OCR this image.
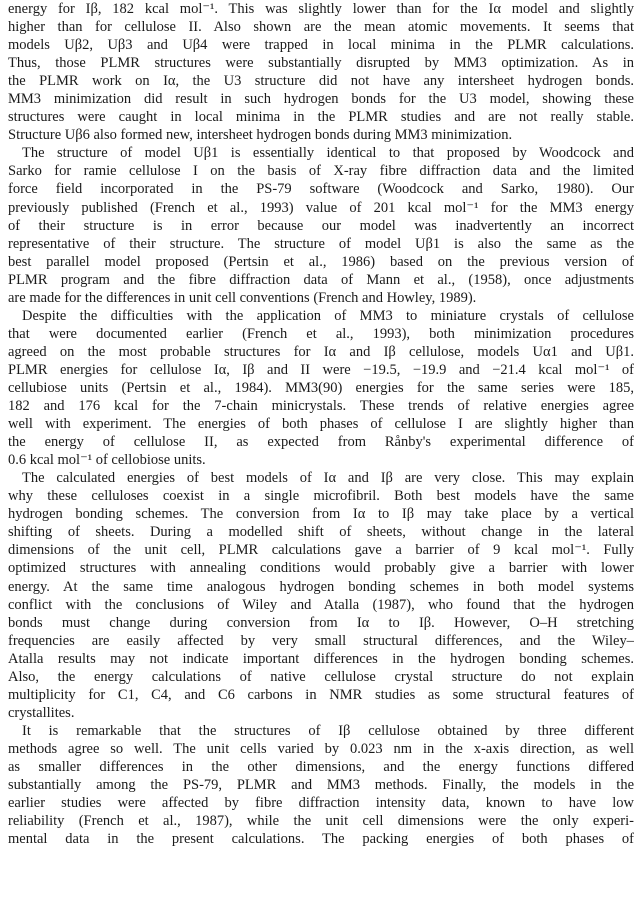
energy for Iβ, 182 kcal mol⁻¹. This was slightly lower than for the Iα model and slightly
higher than for cellulose II. Also shown are the mean atomic movements. It seems that
models Uβ2, Uβ3 and Uβ4 were trapped in local minima in the PLMR calculations.
Thus, those PLMR structures were substantially disrupted by MM3 optimization. As in
the PLMR work on Iα, the U3 structure did not have any intersheet hydrogen bonds.
MM3 minimization did result in such hydrogen bonds for the U3 model, showing these
structures were caught in local minima in the PLMR studies and are not really stable.
Structure Uβ6 also formed new, intersheet hydrogen bonds during MM3 minimization.
The structure of model Uβ1 is essentially identical to that proposed by Woodcock and
Sarko for ramie cellulose I on the basis of X-ray fibre diffraction data and the limited
force field incorporated in the PS-79 software (Woodcock and Sarko, 1980). Our
previously published (French et al., 1993) value of 201 kcal mol⁻¹ for the MM3 energy
of their structure is in error because our model was inadvertently an incorrect
representative of their structure. The structure of model Uβ1 is also the same as the
best parallel model proposed (Pertsin et al., 1986) based on the previous version of
PLMR program and the fibre diffraction data of Mann et al., (1958), once adjustments
are made for the differences in unit cell conventions (French and Howley, 1989).
Despite the difficulties with the application of MM3 to miniature crystals of cellulose
that were documented earlier (French et al., 1993), both minimization procedures
agreed on the most probable structures for Iα and Iβ cellulose, models Uα1 and Uβ1.
PLMR energies for cellulose Iα, Iβ and II were −19.5, −19.9 and −21.4 kcal mol⁻¹ of
cellubiose units (Pertsin et al., 1984). MM3(90) energies for the same series were 185,
182 and 176 kcal for the 7-chain minicrystals. These trends of relative energies agree
well with experiment. The energies of both phases of cellulose I are slightly higher than
the energy of cellulose II, as expected from Rånby's experimental difference of
0.6 kcal mol⁻¹ of cellobiose units.
The calculated energies of best models of Iα and Iβ are very close. This may explain
why these celluloses coexist in a single microfibril. Both best models have the same
hydrogen bonding schemes. The conversion from Iα to Iβ may take place by a vertical
shifting of sheets. During a modelled shift of sheets, without change in the lateral
dimensions of the unit cell, PLMR calculations gave a barrier of 9 kcal mol⁻¹. Fully
optimized structures with annealing conditions would probably give a barrier with lower
energy. At the same time analogous hydrogen bonding schemes in both model systems
conflict with the conclusions of Wiley and Atalla (1987), who found that the hydrogen
bonds must change during conversion from Iα to Iβ. However, O–H stretching
frequencies are easily affected by very small structural differences, and the Wiley–
Atalla results may not indicate important differences in the hydrogen bonding schemes.
Also, the energy calculations of native cellulose crystal structure do not explain
multiplicity for C1, C4, and C6 carbons in NMR studies as some structural features of
crystallites.
It is remarkable that the structures of Iβ cellulose obtained by three different
methods agree so well. The unit cells varied by 0.023 nm in the x-axis direction, as well
as smaller differences in the other dimensions, and the energy functions differed
substantially among the PS-79, PLMR and MM3 methods. Finally, the models in the
earlier studies were affected by fibre diffraction intensity data, known to have low
reliability (French et al., 1987), while the unit cell dimensions were the only experi-
mental data in the present calculations. The packing energies of both phases of
